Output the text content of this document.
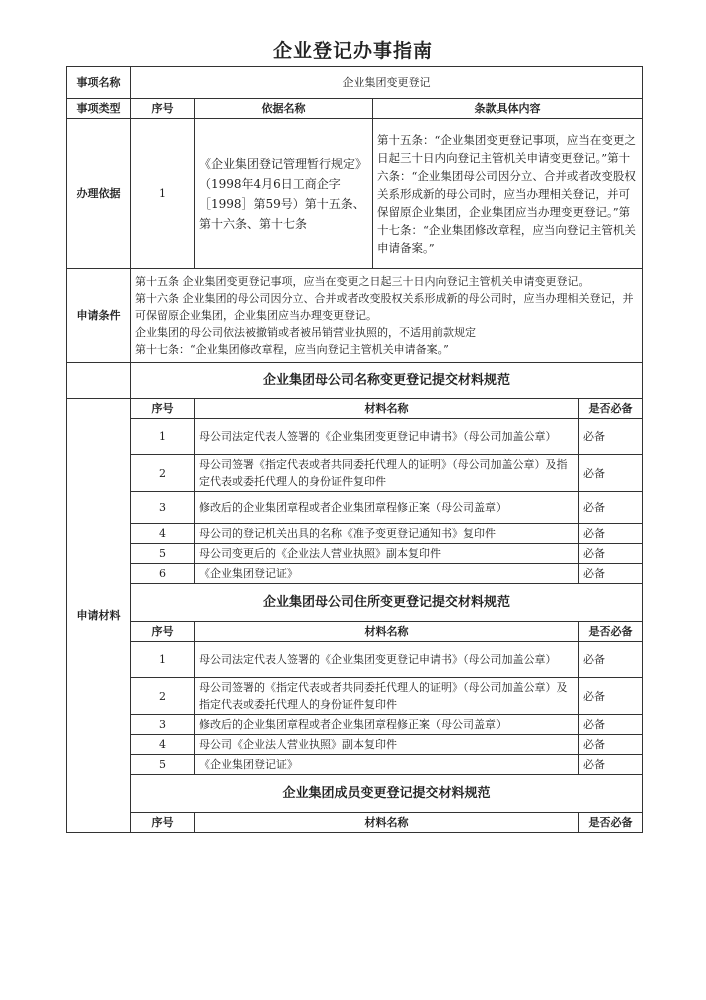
企业登记办事指南
事项名称	企业集团变更登记			
事项类型	序号	依据名称	条款具体内容	
办理依据	1	《企业集团登记管理暂行规定》（1998年4月6日工商企字［1998］第59号）第十五条、第十六条、第十七条	第十五条：“企业集团变更登记事项，应当在变更之日起三十日内向登记主管机关申请变更登记。”第十六条：“企业集团母公司因分立、合并或者改变股权关系形成新的母公司时，应当办理相关登记，并可保留原企业集团，企业集团应当办理变更登记。”第十七条：“企业集团修改章程，应当向登记主管机关申请备案。”	
申请条件	第十五条 企业集团变更登记事项，应当在变更之日起三十日内向登记主管机关申请变更登记。
第十六条 企业集团的母公司因分立、合并或者改变股权关系形成新的母公司时，应当办理相关登记，并可保留原企业集团，企业集团应当办理变更登记。
企业集团的母公司依法被撤销或者被吊销营业执照的，不适用前款规定
第十七条：“企业集团修改章程，应当向登记主管机关申请备案。”			

	企业集团母公司名称变更登记提交材料规范			
申请材料	序号	材料名称		是否必备
	1	母公司法定代表人签署的《企业集团变更登记申请书》（母公司加盖公章）		必备
	2	母公司签署《指定代表或者共同委托代理人的证明》（母公司加盖公章）及指定代表或委托代理人的身份证件复印件		必备
	3	修改后的企业集团章程或者企业集团章程修正案（母公司盖章）		必备
	4	母公司的登记机关出具的名称《准予变更登记通知书》复印件		必备
	5	母公司变更后的《企业法人营业执照》副本复印件		必备
	6	《企业集团登记证》		必备
	企业集团母公司住所变更登记提交材料规范			
	序号	材料名称		是否必备
	1	母公司法定代表人签署的《企业集团变更登记申请书》（母公司加盖公章）		必备
	2	母公司签署的《指定代表或者共同委托代理人的证明》（母公司加盖公章）及指定代表或委托代理人的身份证件复印件		必备
	3	修改后的企业集团章程或者企业集团章程修正案（母公司盖章）		必备
	4	母公司《企业法人营业执照》副本复印件		必备
	5	《企业集团登记证》		必备
	企业集团成员变更登记提交材料规范			
	序号	材料名称		是否必备
